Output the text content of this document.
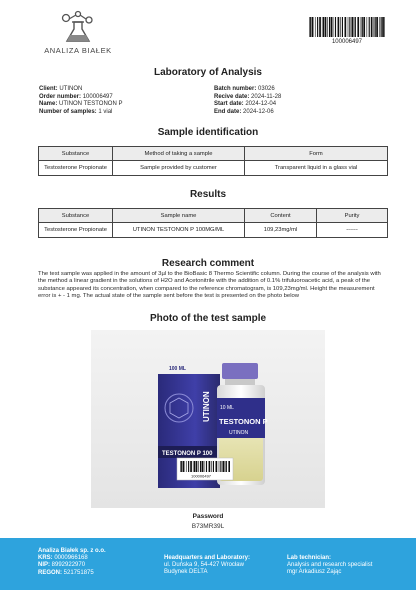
ANALIZA BIAŁEK
100006497
Laboratory of Analysis
Client: UTINON
Order number: 100006497
Name: UTINON TESTONON P
Number of samples: 1 vial
Batch number: 03026
Recive date: 2024-11-28
Start date: 2024-12-04
End date: 2024-12-06
Sample identification
Substance	Method of taking a sample	Form
Testosterone Propionate	Sample provided by customer	Transparent liquid in a glass vial
Results
Substance	Sample name	Content	Purity
Testosterone Propionate	UTINON TESTONON P 100MG/ML	109,23mg/ml	------
Research comment
The test sample was applied in the amount of 3µl to the BioBasic 8 Thermo Scientific column. During the course of the analysis with the method a linear gradient in the solutions of H2O and Acetonitrile with the addition of 0.1% trifuluoroacetic acid, a peak of the substance appeared its concentration, when compared to the reference chromatogram, is 109,23mg/ml. Height the measurement error is + - 1 mg. The actual state of the sample sent before the test is presented on the photo below
Photo of the test sample
100 ML
UTINON
TESTONON P 100
10 ML
TESTONON P
UTINON
100006497
Password
B73MR39L
Analiza Białek sp. z o.o.
KRS: 0000966168
NIP: 8992922970
REGON: 521751875
Headquarters and Laboratory:
ul. Duńska 9, 54-427 Wrocław
Budynek DELTA
Lab technician:
Analysis and research specialist
mgr Arkadiusz Zając
